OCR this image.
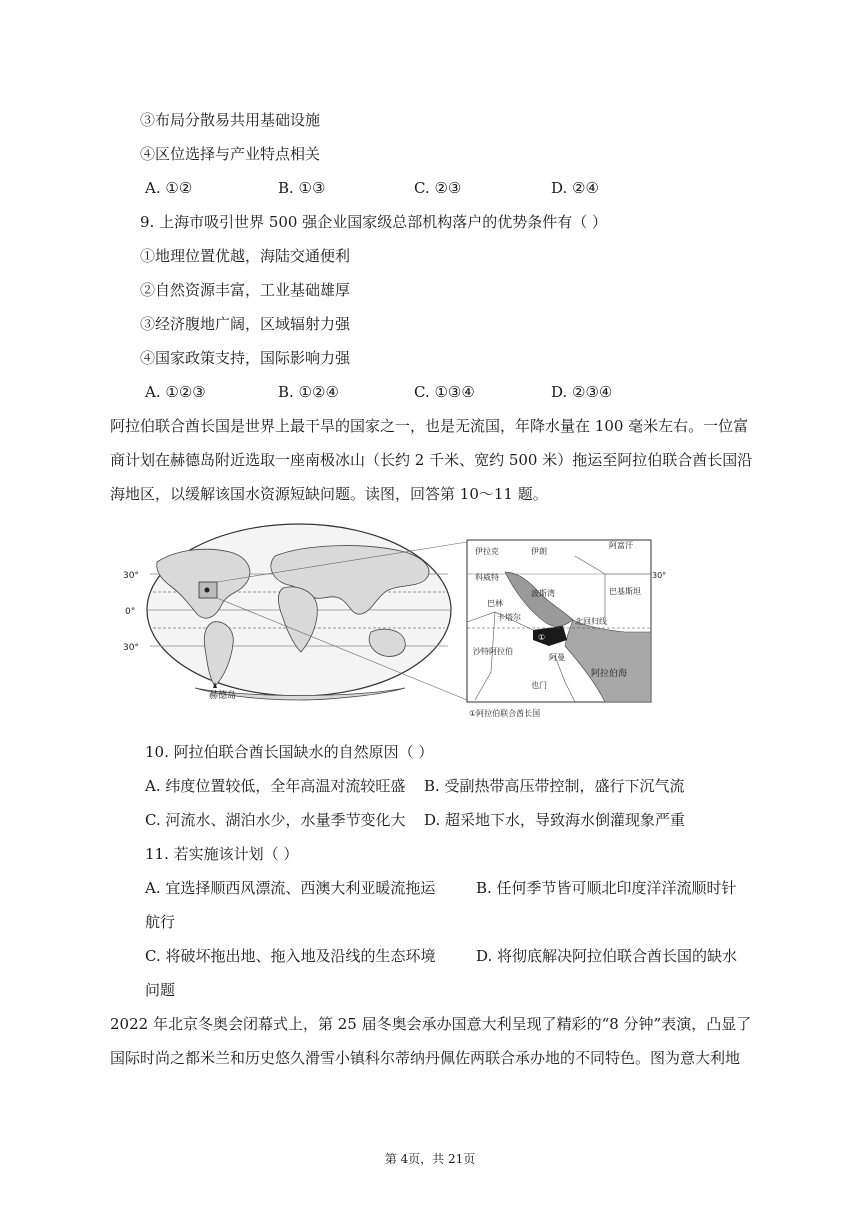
③布局分散易共用基础设施
④区位选择与产业特点相关
A. ①②	B. ①③	C. ②③	D. ②④
9. 上海市吸引世界 500 强企业国家级总部机构落户的优势条件有（ ）
①地理位置优越，海陆交通便利
②自然资源丰富，工业基础雄厚
③经济腹地广阔，区域辐射力强
④国家政策支持，国际影响力强
A. ①②③	B. ①②④	C. ①③④	D. ②③④
阿拉伯联合酋长国是世界上最干旱的国家之一，也是无流国，年降水量在 100 毫米左右。一位富
商计划在赫德岛附近选取一座南极冰山（长约 2 千米、宽约 500 米）拖运至阿拉伯联合酋长国沿
海地区，以缓解该国水资源短缺问题。读图，回答第 10～11 题。
30°
0°
30°
赫德岛
①
30°
伊拉克	伊朗
阿富汗
科威特
巴基斯坦
巴林
卡塔尔
波斯湾
北回归线
沙特阿拉伯
阿曼
也门
阿拉伯海
①阿拉伯联合酋长国
10. 阿拉伯联合酋长国缺水的自然原因（ ）
A. 纬度位置较低，全年高温对流较旺盛 B. 受副热带高压带控制，盛行下沉气流
C. 河流水、湖泊水少，水量季节变化大 D. 超采地下水，导致海水倒灌现象严重
11. 若实施该计划（ ）
A. 宜选择顺西风漂流、西澳大利亚暖流拖运	B. 任何季节皆可顺北印度洋洋流顺时针
航行
C. 将破坏拖出地、拖入地及沿线的生态环境	D. 将彻底解决阿拉伯联合酋长国的缺水
问题
2022 年北京冬奥会闭幕式上，第 25 届冬奥会承办国意大利呈现了精彩的“8 分钟”表演，凸显了
国际时尚之都米兰和历史悠久滑雪小镇科尔蒂纳丹佩佐两联合承办地的不同特色。图为意大利地
第 4页，共 21页
